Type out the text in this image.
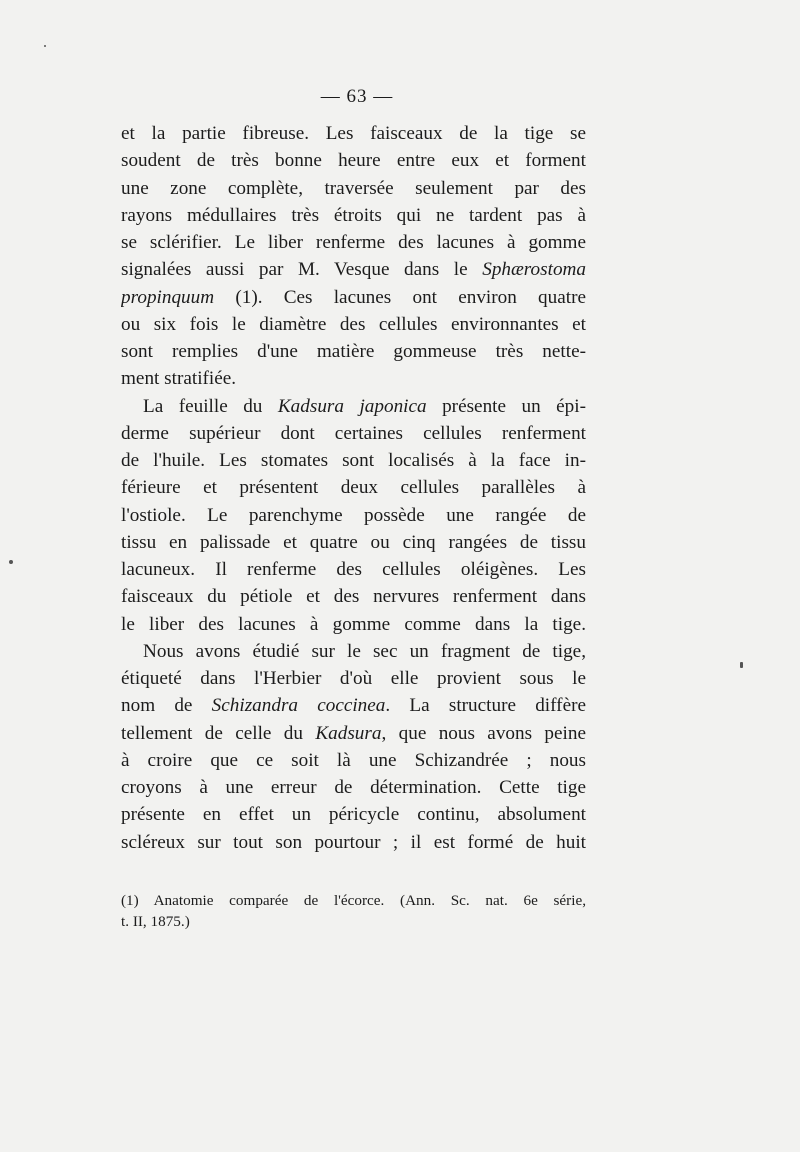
— 63 —
et la partie fibreuse. Les faisceaux de la tige se
soudent de très bonne heure entre eux et forment
une zone complète, traversée seulement par des
rayons médullaires très étroits qui ne tardent pas à
se sclérifier. Le liber renferme des lacunes à gomme
signalées aussi par M. Vesque dans le Sphærostoma
propinquum (1). Ces lacunes ont environ quatre
ou six fois le diamètre des cellules environnantes et
sont remplies d'une matière gommeuse très nette-
ment stratifiée.
La feuille du Kadsura japonica présente un épi-
derme supérieur dont certaines cellules renferment
de l'huile. Les stomates sont localisés à la face in-
férieure et présentent deux cellules parallèles à
l'ostiole. Le parenchyme possède une rangée de
tissu en palissade et quatre ou cinq rangées de tissu
lacuneux. Il renferme des cellules oléigènes. Les
faisceaux du pétiole et des nervures renferment dans
le liber des lacunes à gomme comme dans la tige.
Nous avons étudié sur le sec un fragment de tige,
étiqueté dans l'Herbier d'où elle provient sous le
nom de Schizandra coccinea. La structure diffère
tellement de celle du Kadsura, que nous avons peine
à croire que ce soit là une Schizandrée ; nous
croyons à une erreur de détermination. Cette tige
présente en effet un péricycle continu, absolument
scléreux sur tout son pourtour ; il est formé de huit
(1) Anatomie comparée de l'écorce. (Ann. Sc. nat. 6e série,
t. II, 1875.)
